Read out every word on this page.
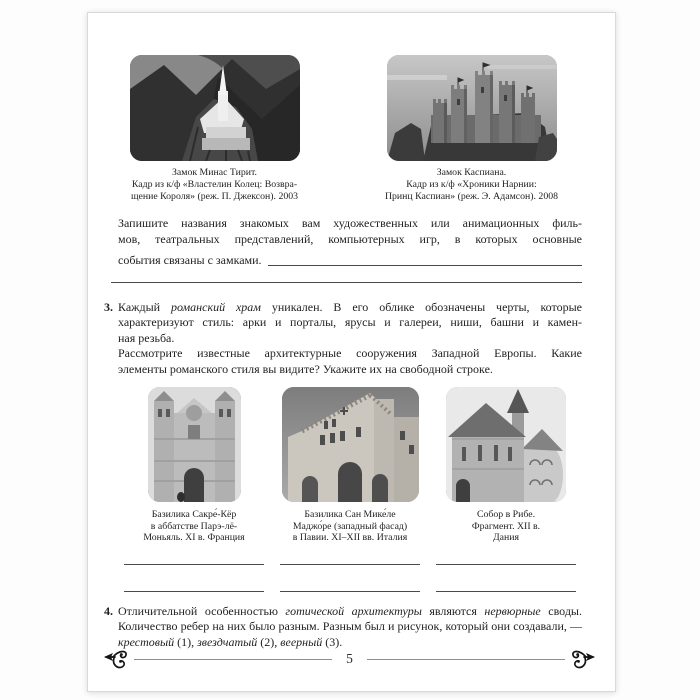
Замок Минас Тирит.
Кадр из к/ф «Властелин Колец: Возвра-
щение Короля» (реж. П. Джексон). 2003
Замок Каспиана.
Кадр из к/ф «Хроники Нарнии:
Принц Каспиан» (реж. Э. Адамсон). 2008
Запишите названия знакомых вам художественных или анимационных филь-
мов, театральных представлений, компьютерных игр, в которых основные
события связаны с замками.
3. Каждый романский храм уникален. В его облике обозначены черты, которые
характеризуют стиль: арки и порталы, ярусы и галереи, ниши, башни и камен-
ная резьба.
Рассмотрите известные архитектурные сооружения Западной Европы. Какие
элементы романского стиля вы видите? Укажите их на свободной строке.
Базилика Сакре́-Кёр
в аббатстве Парэ-лё-
Моньяль. XI в. Франция
Базилика Сан Мике́ле
Маджо́ре (западный фасад)
в Павии. XI–XII вв. Италия
Собор в Рибе.
Фрагмент. XII в.
Дания
4. Отличительной особенностью готической архитектуры являются нервюрные своды. Количество ребер на них было разным. Разным был и рисунок, который они создавали, — крестовый (1), звездчатый (2), веерный (3).
5
